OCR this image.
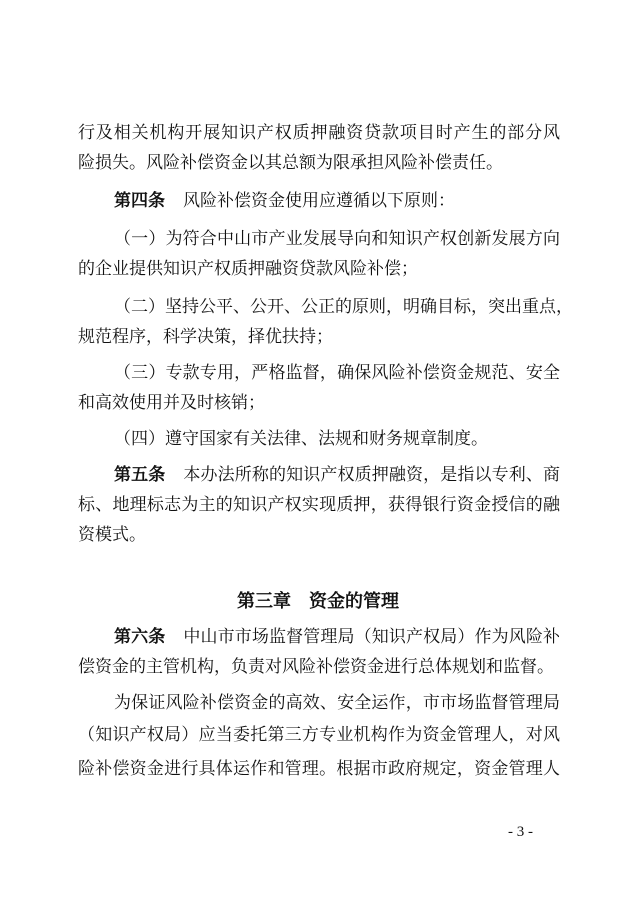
行及相关机构开展知识产权质押融资贷款项目时产生的部分风
险损失。风险补偿资金以其总额为限承担风险补偿责任。
第四条 风险补偿资金使用应遵循以下原则：
（一）为符合中山市产业发展导向和知识产权创新发展方向
的企业提供知识产权质押融资贷款风险补偿；
（二）坚持公平、公开、公正的原则，明确目标，突出重点，
规范程序，科学决策，择优扶持；
（三）专款专用，严格监督，确保风险补偿资金规范、安全
和高效使用并及时核销；
（四）遵守国家有关法律、法规和财务规章制度。
第五条 本办法所称的知识产权质押融资，是指以专利、商
标、地理标志为主的知识产权实现质押，获得银行资金授信的融
资模式。
第三章 资金的管理
第六条 中山市市场监督管理局（知识产权局）作为风险补
偿资金的主管机构，负责对风险补偿资金进行总体规划和监督。
为保证风险补偿资金的高效、安全运作，市市场监督管理局
（知识产权局）应当委托第三方专业机构作为资金管理人，对风
险补偿资金进行具体运作和管理。根据市政府规定，资金管理人
- 3 -
